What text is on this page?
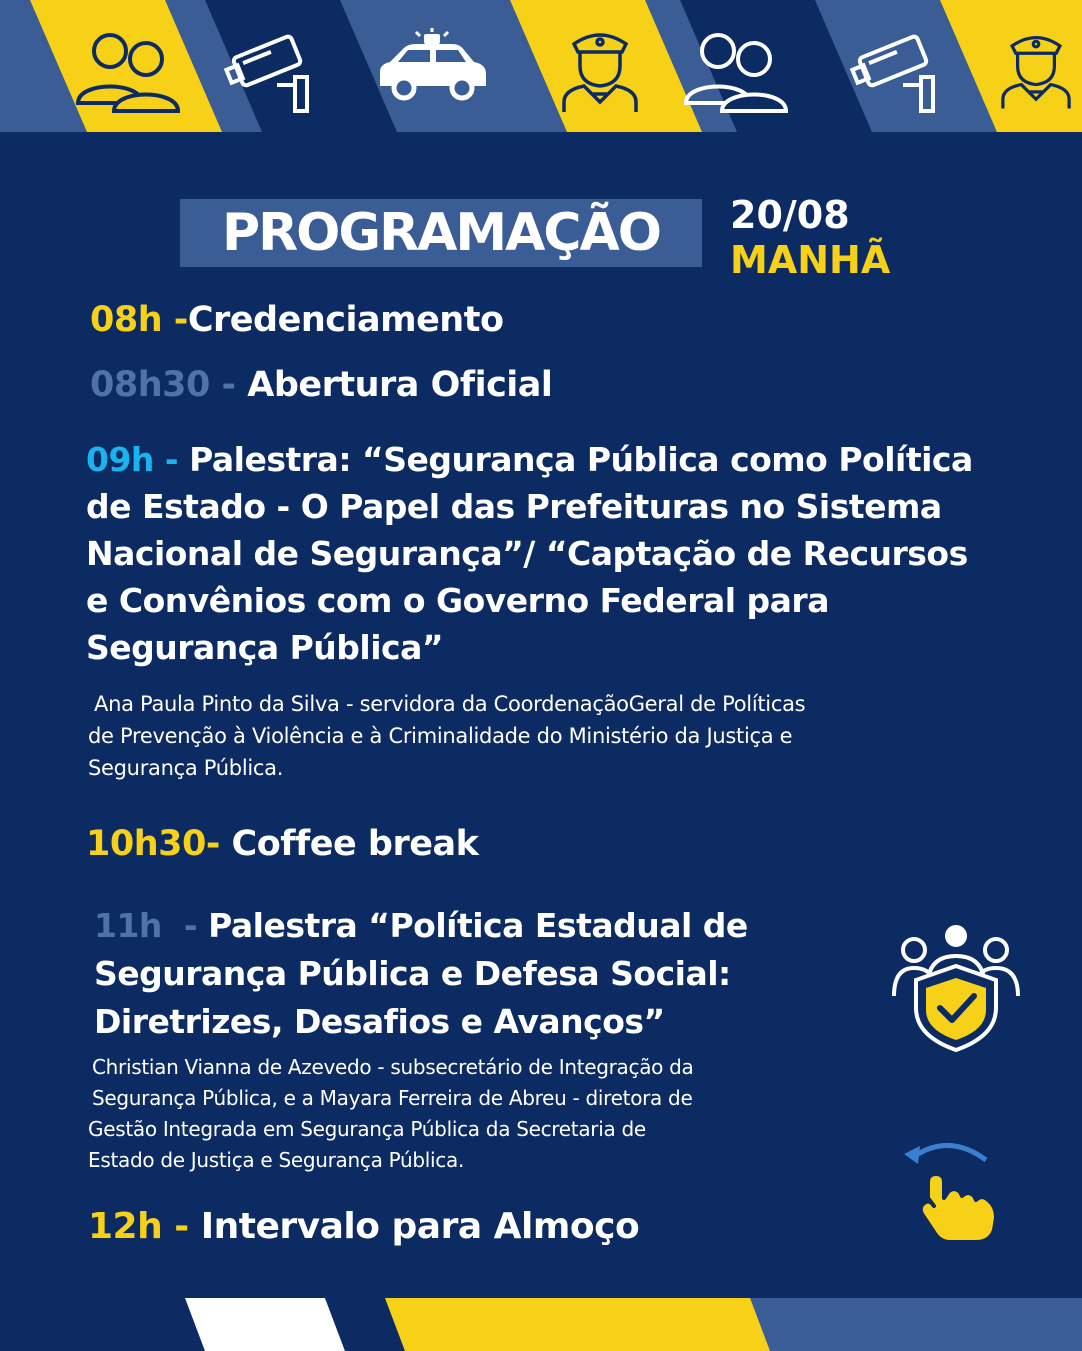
PROGRAMAÇÃO 20/08
MANHÃ
08h -Credenciamento
08h30 - Abertura Oficial
09h - Palestra: “Segurança Pública como Política
de Estado - O Papel das Prefeituras no Sistema
Nacional de Segurança”/ “Captação de Recursos
e Convênios com o Governo Federal para
Segurança Pública”

Ana Paula Pinto da Silva - servidora da CoordenaçãoGeral de Políticas

de Prevenção à Violência e à Criminalidade do Ministério da Justiça e

Segurança Pública.

10h30- Coffee break
11h  - Palestra “Política Estadual de
Segurança Pública e Defesa Social:
Diretrizes, Desafios e Avanços”

Christian Vianna de Azevedo - subsecretário de Integração da

Segurança Pública, e a Mayara Ferreira de Abreu - diretora de

Gestão Integrada em Segurança Pública da Secretaria de

Estado de Justiça e Segurança Pública.

12h - Intervalo para Almoço
